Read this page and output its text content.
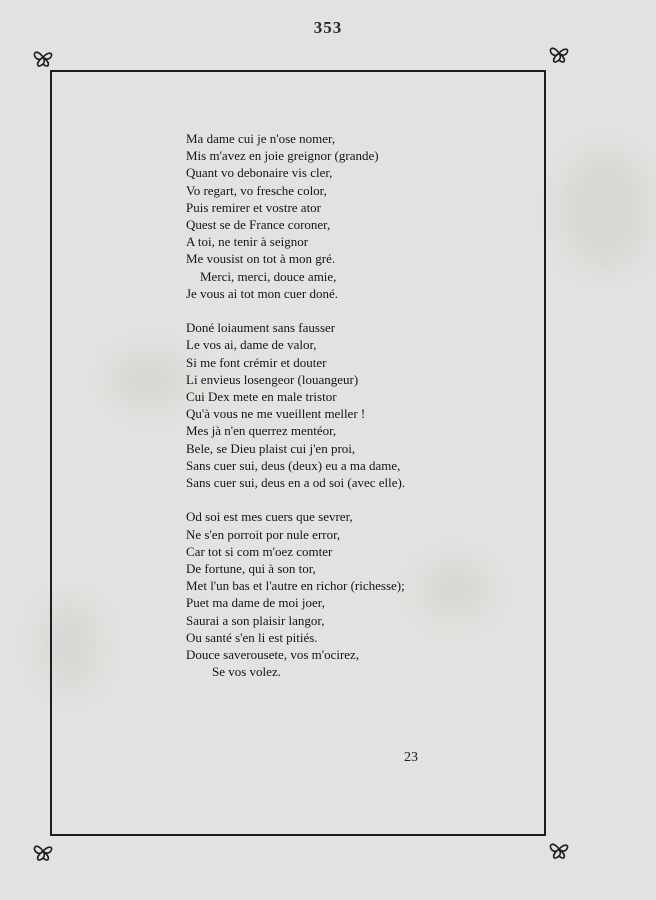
353
Ma dame cui je n'ose nomer,
Mis m'avez en joie greignor (grande)
Quant vo debonaire vis cler,
Vo regart, vo fresche color,
Puis remirer et vostre ator
Quest se de France coroner,
A toi, ne tenir à seignor
Me vousist on tot à mon gré.
Merci, merci, douce amie,
Je vous ai tot mon cuer doné.
Doné loiaument sans fausser
Le vos ai, dame de valor,
Si me font crémir et douter
Li envieus losengeor (louangeur)
Cui Dex mete en male tristor
Qu'à vous ne me vueillent meller !
Mes jà n'en querrez mentéor,
Bele, se Dieu plaist cui j'en proi,
Sans cuer sui, deus (deux) eu a ma dame,
Sans cuer sui, deus en a od soi (avec elle).
Od soi est mes cuers que sevrer,
Ne s'en porroit por nule error,
Car tot si com m'oez comter
De fortune, qui à son tor,
Met l'un bas et l'autre en richor (richesse);
Puet ma dame de moi joer,
Saurai a son plaisir langor,
Ou santé s'en li est pitiés.
Douce saverousete, vos m'ocirez,
Se vos volez.
23
